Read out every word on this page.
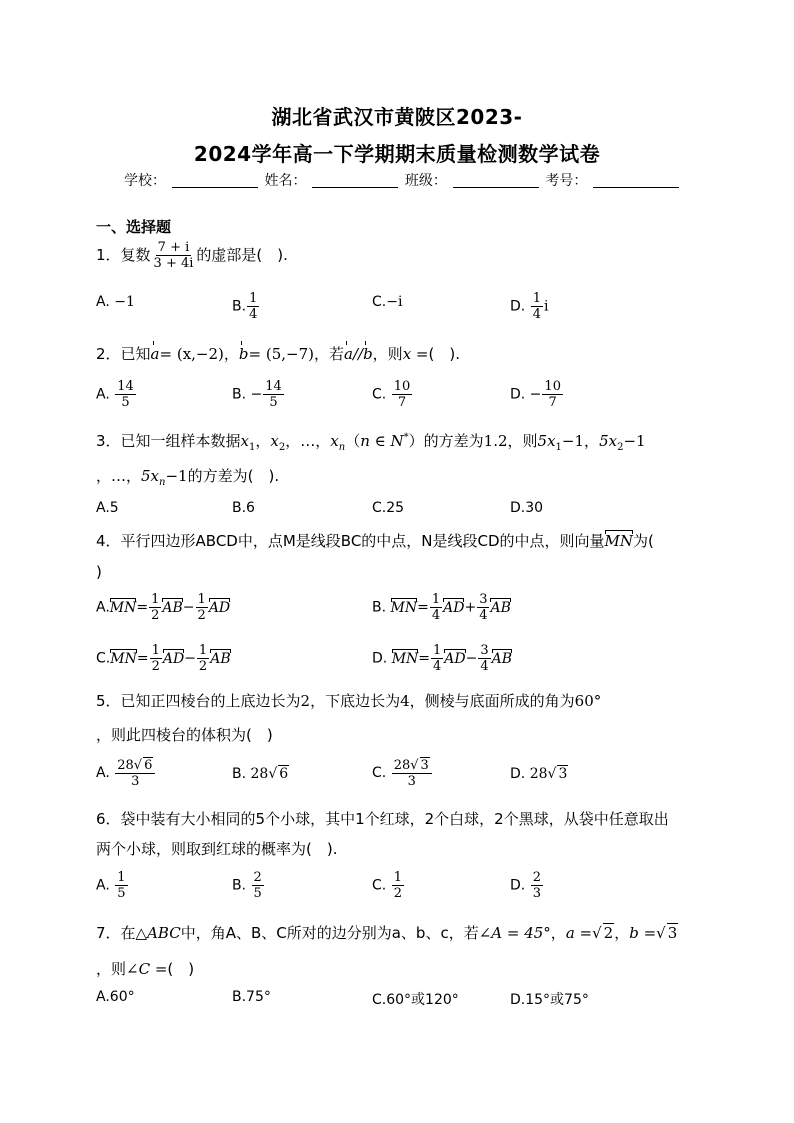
湖北省武汉市黄陂区2023-
2024学年高一下学期期末质量检测数学试卷
学校：	姓名：	班级：	考号：
一、选择题
1．复数 $\frac{7 + i}{3 + 4i}$ 的虚部是(　).
A. −1	B. $\frac{1}{4}$	C.−i	D. $\frac{1}{4}$ i
2．已知a= (x,−2)，b= (5,−7)，若a//b，则x =(　).
A. $\frac{14}{5}$	B. − $\frac{14}{5}$	C. $\frac{10}{7}$	D. − $\frac{10}{7}$
3．已知一组样本数据$x_1$，$x_2$，…，$x_n(n$ ∈ N*）的方差为1.2，则$5x_1-1$，$5x_2-1$
，…，$5x_n-1$的方差为(　).
A.5	B.6	C.25	D.30
4．平行四边形ABCD中，点M是线段BC的中点，N是线段CD的中点，则向量MN为(
)
$A.MN= \frac{1}{2} AB- \frac{1}{2}$ AD	B. $MN= \frac{1}{4} AD+ \frac{3}{4}$ AB
$C.MN= \frac{1}{2} AD- \frac{1}{2}$ AB	D. $MN= \frac{1}{4} AD- \frac{3}{4}$ AB
5．已知正四棱台的上底边长为2，下底边长为4，侧棱与底面所成的角为60°
，则此四棱台的体积为(　)
A. $\frac{28√ 6}{3}$	B. 28√ 6	C. $\frac{28√ 3}{3}$	D. 28√ 3
6．袋中装有大小相同的5个小球，其中1个红球，2个白球，2个黑球，从袋中任意取出
两个小球，则取到红球的概率为(　).
A. $\frac{1}{5}$	B. $\frac{2}{5}$	C. $\frac{1}{2}$	D. $\frac{2}{3}$
7．在△ABC中，角A、B、C所对的边分别为a、b、c，若∠A = 45°，a =√ 2，b =√ 3
，则∠C =(　)
A.60°	B.75°	C.60°或120°	D.15°或75°
